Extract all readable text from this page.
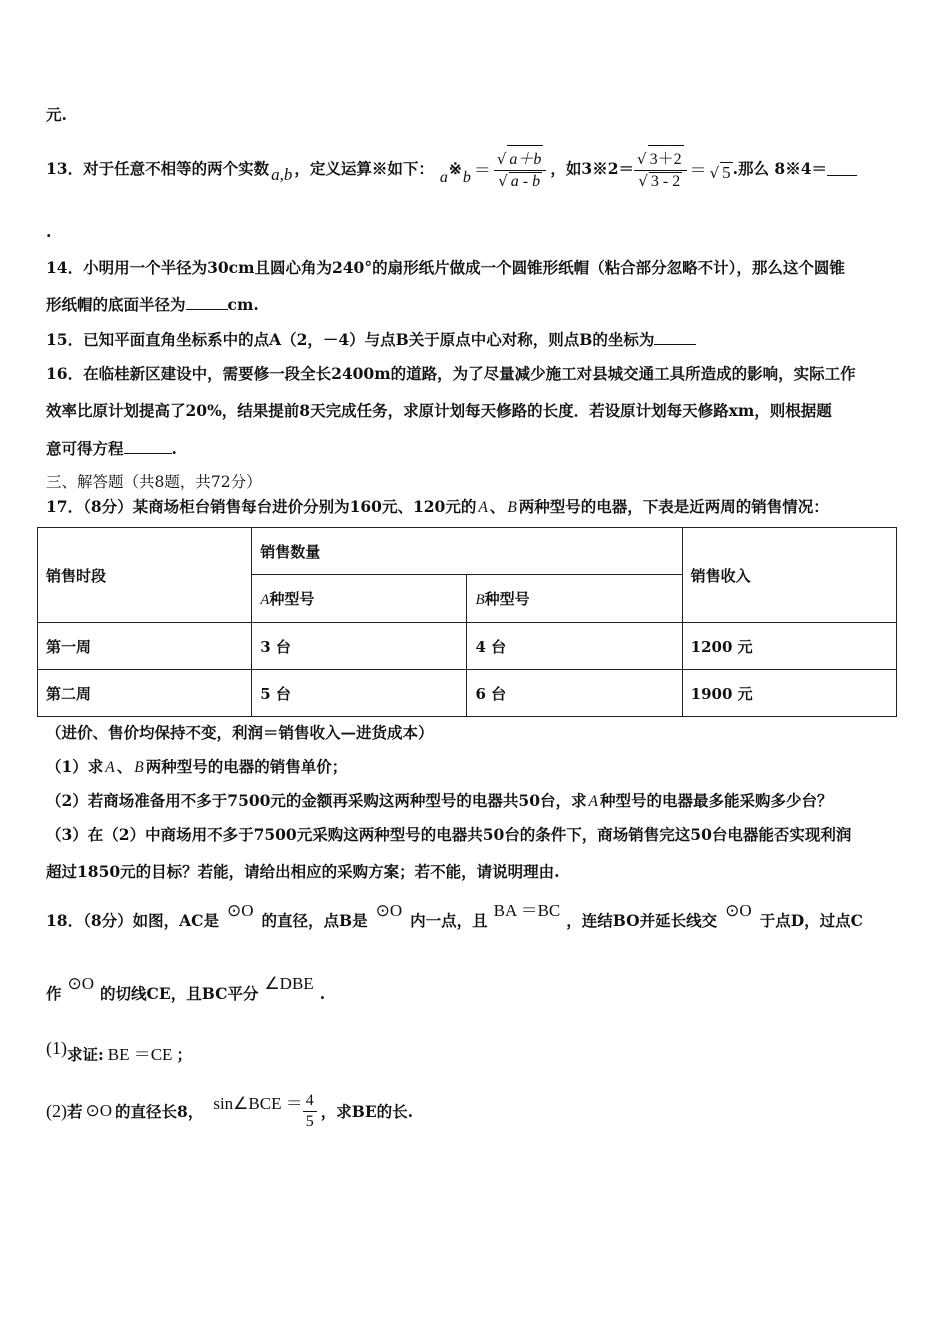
元.
13．对于任意不相等的两个实数 a,b ，定义运算※如下： a ※ $b = \frac{√ a+b}{√ a - b}$ ，如3※2＝ $\frac{√ 3+2}{√ 3 - 2}$ ＝ √ 5 .那么 8※4＝
.
14．小明用一个半径为30cm且圆心角为240°的扇形纸片做成一个圆锥形纸帽（粘合部分忽略不计），那么这个圆锥
形纸帽的底面半径为	cm.
15．已知平面直角坐标系中的点A（2，－4）与点B关于原点中心对称，则点B的坐标为
16．在临桂新区建设中，需要修一段全长2400m的道路，为了尽量减少施工对县城交通工具所造成的影响，实际工作
效率比原计划提高了20%，结果提前8天完成任务，求原计划每天修路的长度．若设原计划每天修路xm，则根据题
意可得方程	.
三、解答题（共8题，共72分）
17．（8分）某商场柜台销售每台进价分别为160元、120元的 A 、 B 两种型号的电器，下表是近两周的销售情况：
销售时段	销售数量		销售收入
	A种型号	B种型号	
第一周	3 台	4 台	1200 元
第二周	5 台	6 台	1900 元
（进价、售价均保持不变，利润＝销售收入—进货成本）
（1）求 A 、 B 两种型号的电器的销售单价；
（2）若商场准备用不多于7500元的金额再采购这两种型号的电器共50台，求 A 种型号的电器最多能采购多少台？
（3）在（2）中商场用不多于7500元采购这两种型号的电器共50台的条件下，商场销售完这50台电器能否实现利润
超过1850元的目标？若能，请给出相应的采购方案；若不能，请说明理由.
18．（8分）如图，AC是⊙O的直径，点B是⊙O内一点，且BA ＝BC，连结BO并延长线交⊙O于点D，过点C
作⊙O的切线CE，且BC平分∠DBE.
(1)求证: BE ＝CE ；
(2) 若 ⊙O 的直径长8， sin∠BCE ＝ $\frac{4}{5}$ ，求BE的长.
